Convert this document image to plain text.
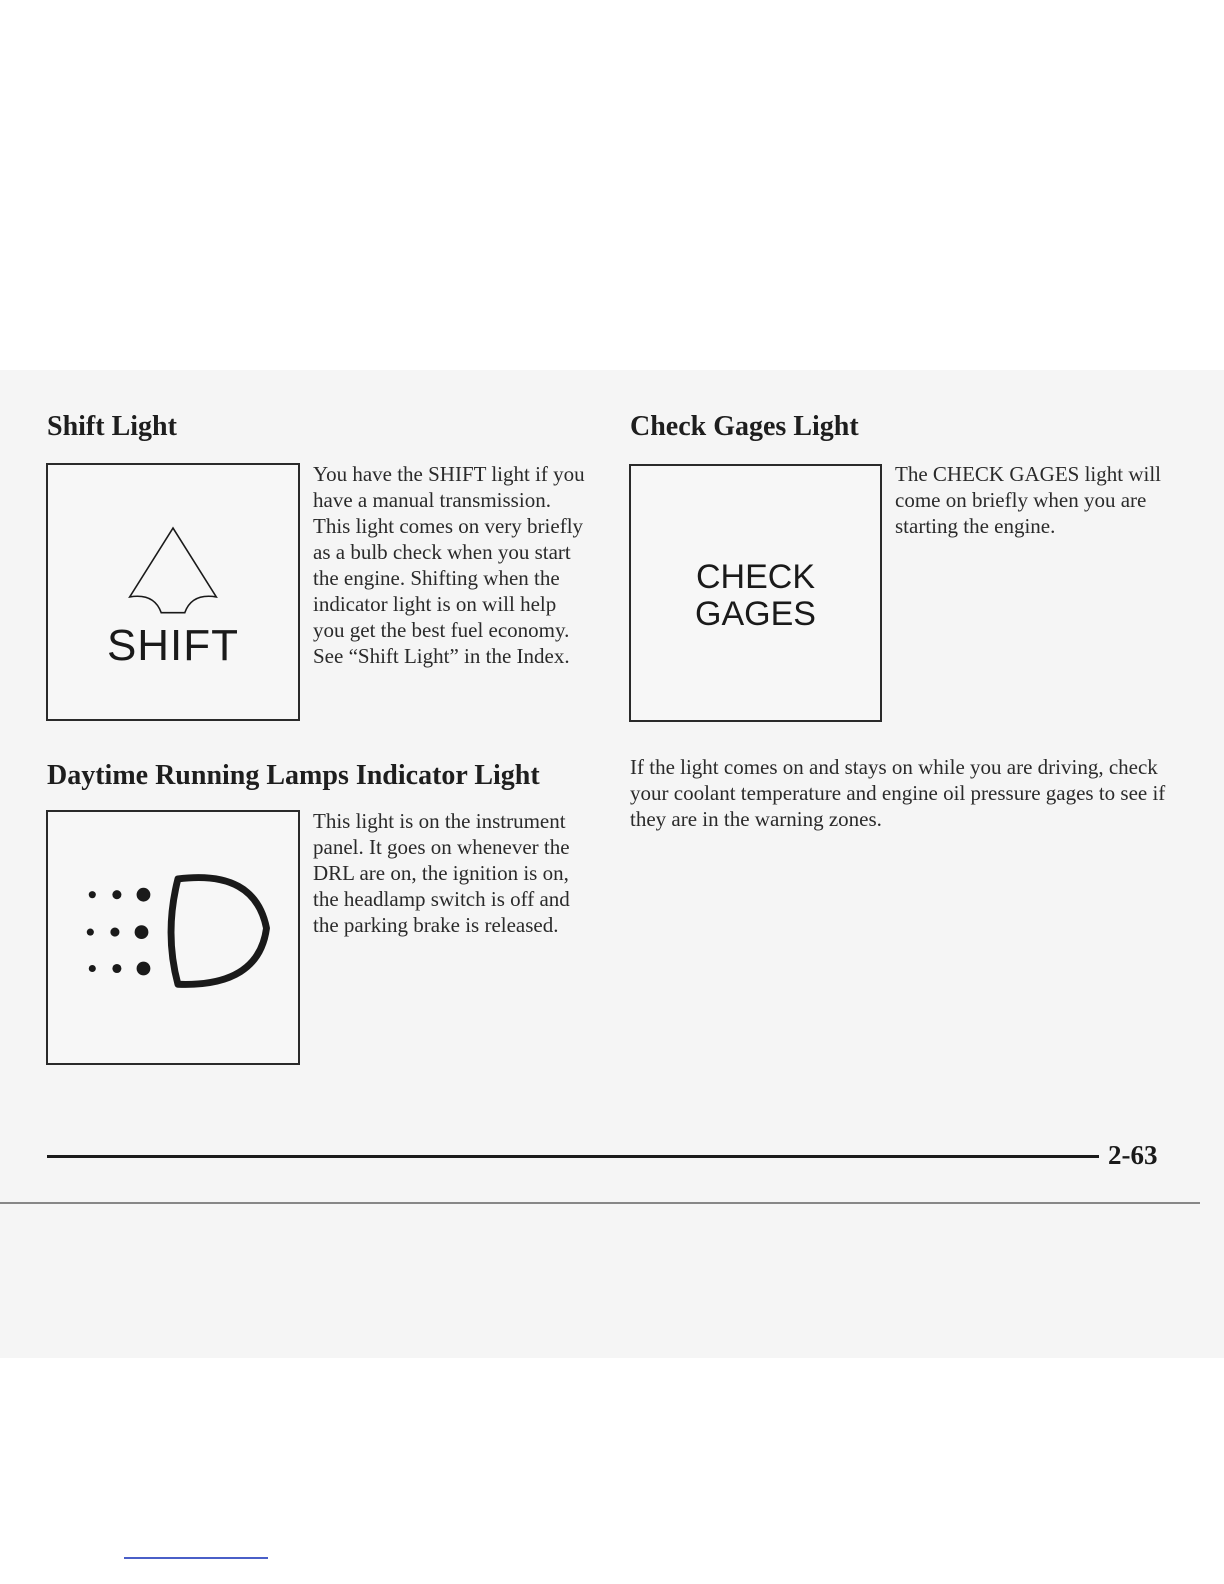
Shift Light
SHIFT

You have the SHIFT light if you have a manual transmission. This light comes on very briefly as a bulb check when you start the engine. Shifting when the indicator light is on will help you get the best fuel economy. See “Shift Light” in the Index.

Daytime Running Lamps Indicator Light

This light is on the instrument panel. It goes on whenever the DRL are on, the ignition is on, the headlamp switch is off and the parking brake is released.

Check Gages Light
CHECK
GAGES

The CHECK GAGES light will come on briefly when you are starting the engine.

If the light comes on and stays on while you are driving, check your coolant temperature and engine oil pressure gages to see if they are in the warning zones.

2-63
